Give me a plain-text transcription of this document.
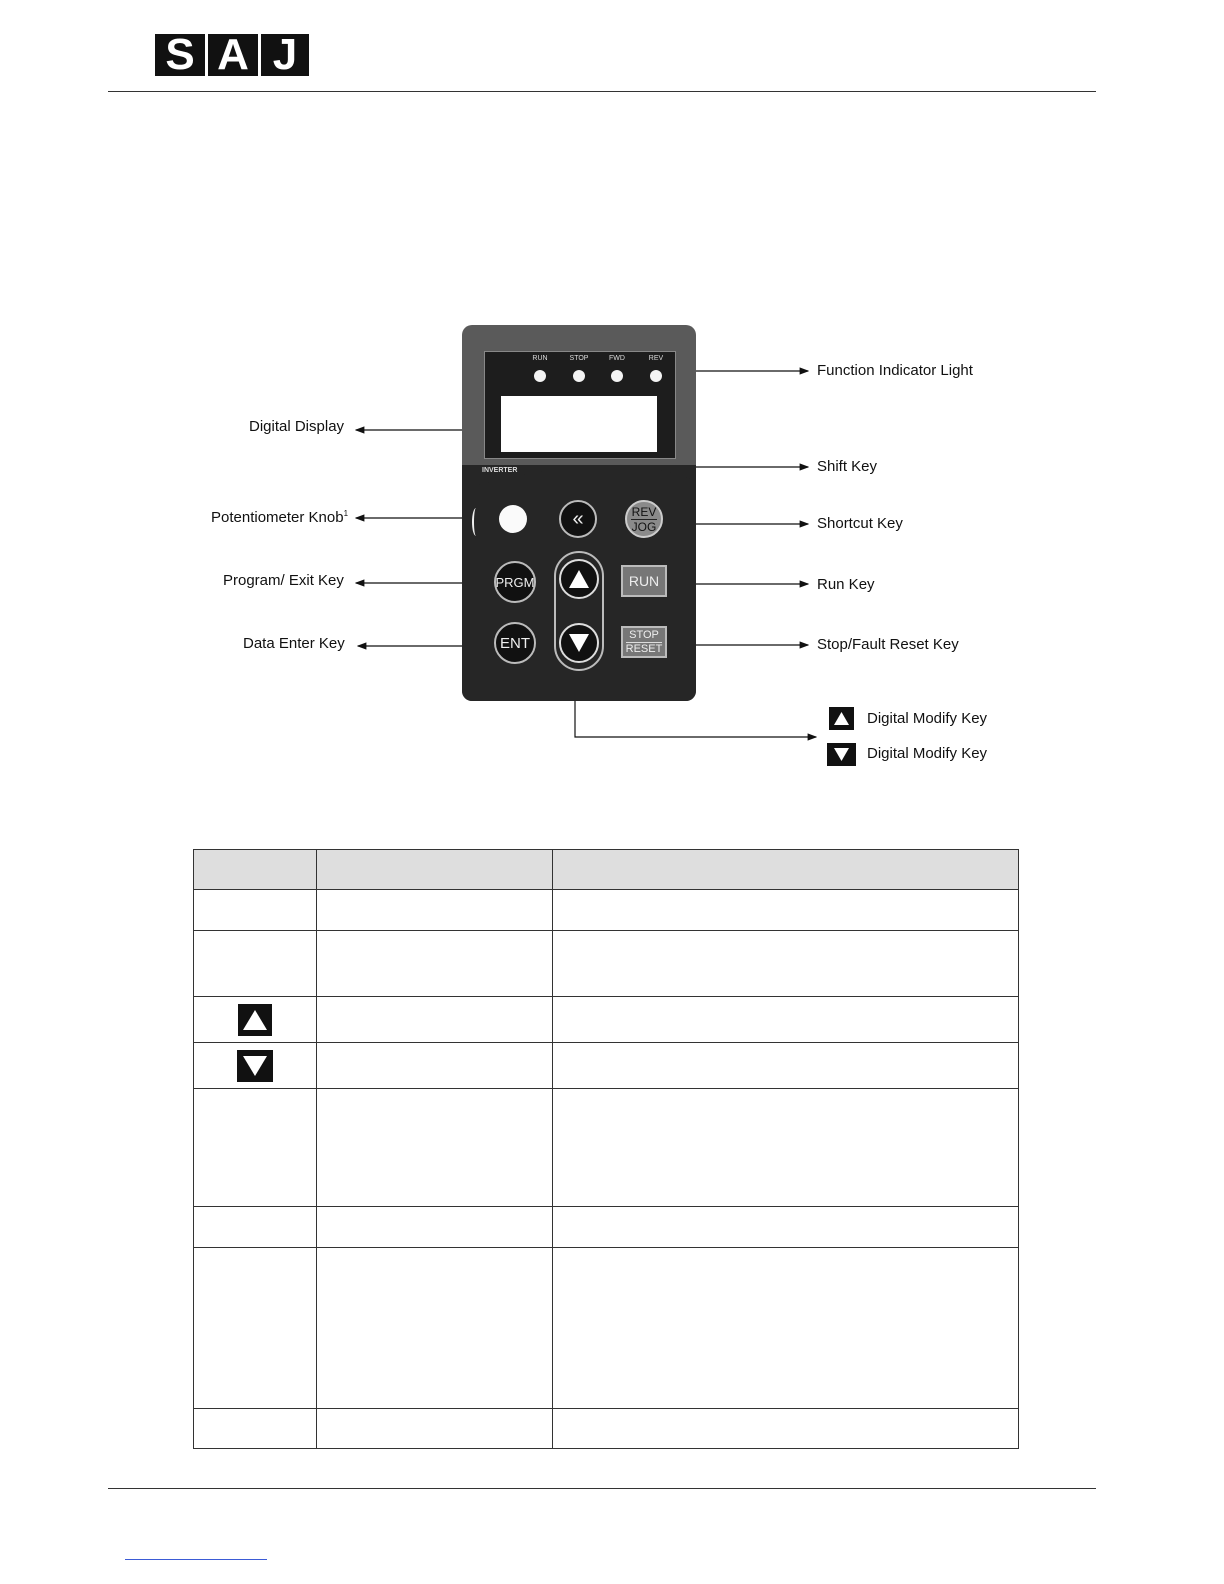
S A J
RUN	STOP	FWD	REV
INVERTER
«	REV
JOG
PRGM
ENT
RUN
STOP
RESET
Function Indicator Light
Digital Display
Shift Key
Potentiometer Knob$^1$
Shortcut Key
Program/ Exit Key	Run Key
Data Enter Key	Stop/Fault Reset Key
Digital Modify Key
Digital Modify Key
